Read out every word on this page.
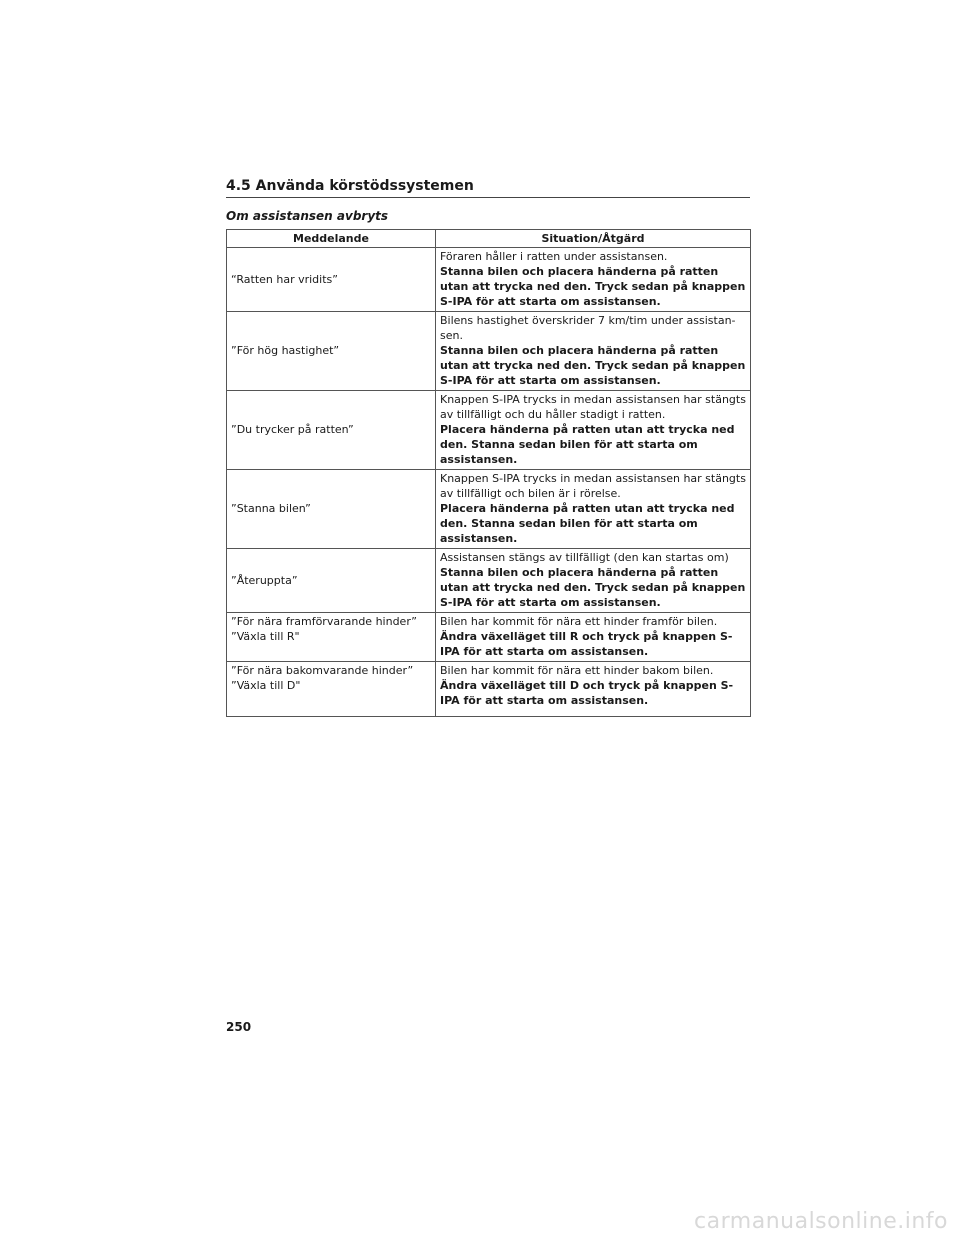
4.5 Använda körstödssystemen
Om assistansen avbryts
Meddelande	Situation/Åtgärd

“Ratten har vridits”	Föraren håller i ratten under assistansen.
Stanna bilen och placera händerna på ratten utan att trycka ned den. Tryck sedan på knappen S-IPA för att starta om assistansen.

”För hög hastighet”	Bilens hastighet överskrider 7 km/tim under assistan-sen.
Stanna bilen och placera händerna på ratten utan att trycka ned den. Tryck sedan på knappen S-IPA för att starta om assistansen.

”Du trycker på ratten”	Knappen S-IPA trycks in medan assistansen har stängts av tillfälligt och du håller stadigt i ratten.
Placera händerna på ratten utan att trycka ned den. Stanna sedan bilen för att starta om assistansen.

”Stanna bilen”	Knappen S-IPA trycks in medan assistansen har stängts av tillfälligt och bilen är i rörelse.
Placera händerna på ratten utan att trycka ned den. Stanna sedan bilen för att starta om assistansen.

”Återuppta”	Assistansen stängs av tillfälligt (den kan startas om)
Stanna bilen och placera händerna på ratten utan att trycka ned den. Tryck sedan på knappen S-IPA för att starta om assistansen.

”För nära framförvarande hinder”
”Växla till R"	Bilen har kommit för nära ett hinder framför bilen.
Ändra växelläget till R och tryck på knappen S-IPA för att starta om assistansen.

”För nära bakomvarande hinder”
”Växla till D"	Bilen har kommit för nära ett hinder bakom bilen.
Ändra växelläget till D och tryck på knappen S-IPA för att starta om assistansen.
250
carmanualsonline.info
